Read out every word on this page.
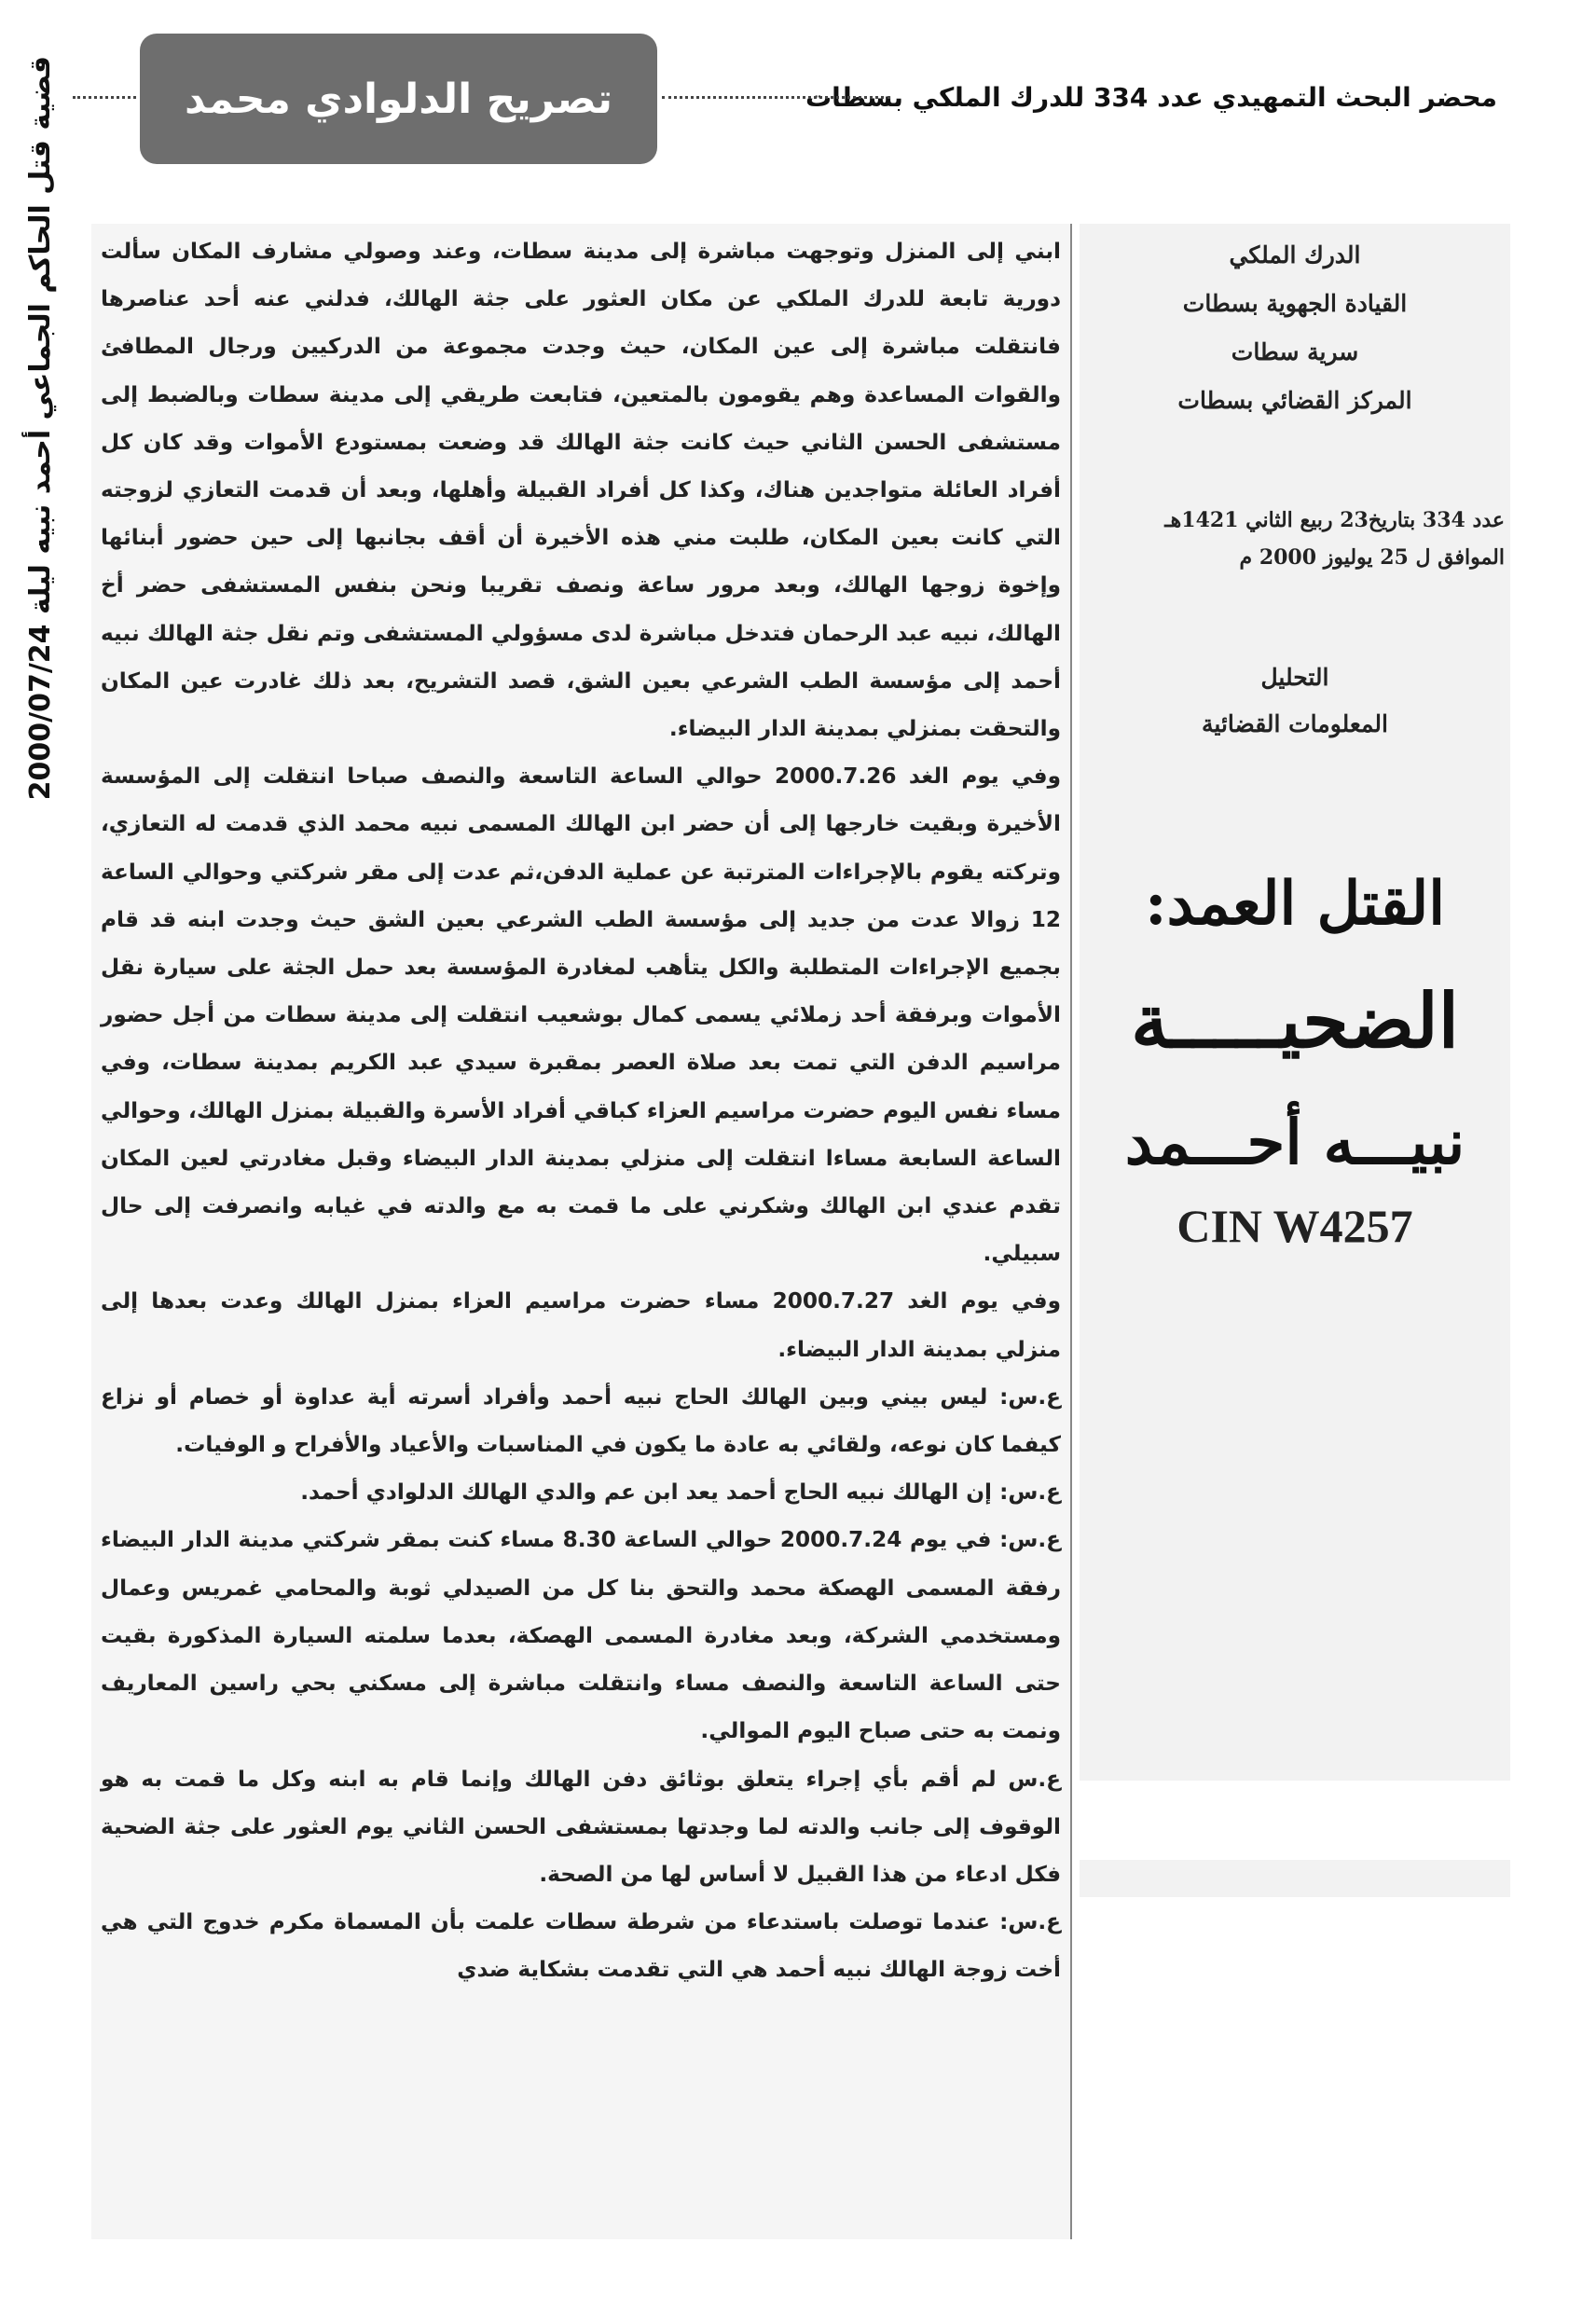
محضر البحث التمهيدي عدد 334 للدرك الملكي بسطات
تصريح الدلوادي محمد
قضية قتل الحاكم الجماعي أحمد نبيه ليلة 2000/07/24	الدرك الملكي
القيادة الجهوية بسطات
سرية سطات
المركز القضائي بسطات
عدد 334 بتاريخ23 ربيع الثاني 1421هـ
الموافق ل 25 يوليوز 2000 م
التحليل
المعلومات القضائية
القتل العمد:
الضحيـــــة
نبيـــه أحـــمد
CIN W4257

ابني إلى المنزل وتوجهت مباشرة إلى مدينة سطات، وعند وصولي مشارف المكان سألت دورية تابعة للدرك الملكي عن مكان العثور على جثة الهالك، فدلني عنه أحد عناصرها فانتقلت مباشرة إلى عين المكان، حيث وجدت مجموعة من الدركيين ورجال المطافئ والقوات المساعدة وهم يقومون بالمتعين، فتابعت طريقي إلى مدينة سطات وبالضبط إلى مستشفى الحسن الثاني حيث كانت جثة الهالك قد وضعت بمستودع الأموات وقد كان كل أفراد العائلة متواجدين هناك، وكذا كل أفراد القبيلة وأهلها، وبعد أن قدمت التعازي لزوجته التي كانت بعين المكان، طلبت مني هذه الأخيرة أن أقف بجانبها إلى حين حضور أبنائها وإخوة زوجها الهالك، وبعد مرور ساعة ونصف تقريبا ونحن بنفس المستشفى حضر أخ الهالك، نبيه عبد الرحمان فتدخل مباشرة لدى مسؤولي المستشفى وتم نقل جثة الهالك نبيه أحمد إلى مؤسسة الطب الشرعي بعين الشق، قصد التشريح، بعد ذلك غادرت عين المكان والتحقت بمنزلي بمدينة الدار البيضاء.

وفي يوم الغد 2000.7.26 حوالي الساعة التاسعة والنصف صباحا انتقلت إلى المؤسسة الأخيرة وبقيت خارجها إلى أن حضر ابن الهالك المسمى نبيه محمد الذي قدمت له التعازي، وتركته يقوم بالإجراءات المترتبة عن عملية الدفن،ثم عدت إلى مقر شركتي وحوالي الساعة 12 زوالا عدت من جديد إلى مؤسسة الطب الشرعي بعين الشق حيث وجدت ابنه قد قام بجميع الإجراءات المتطلبة والكل يتأهب لمغادرة المؤسسة بعد حمل الجثة على سيارة نقل الأموات وبرفقة أحد زملائي يسمى كمال بوشعيب انتقلت إلى مدينة سطات من أجل حضور مراسيم الدفن التي تمت بعد صلاة العصر بمقبرة سيدي عبد الكريم بمدينة سطات، وفي مساء نفس اليوم حضرت مراسيم العزاء كباقي أفراد الأسرة والقبيلة بمنزل الهالك، وحوالي الساعة السابعة مساءا انتقلت إلى منزلي بمدينة الدار البيضاء وقبل مغادرتي لعين المكان تقدم عندي ابن الهالك وشكرني على ما قمت به مع والدته في غيابه وانصرفت إلى حال سبيلي.

وفي يوم الغد 2000.7.27 مساء حضرت مراسيم العزاء بمنزل الهالك وعدت بعدها إلى منزلي بمدينة الدار البيضاء.

ع.س: ليس بيني وبين الهالك الحاج نبيه أحمد وأفراد أسرته أية عداوة أو خصام أو نزاع كيفما كان نوعه، ولقائي به عادة ما يكون في المناسبات والأعياد والأفراح و الوفيات.

ع.س: إن الهالك نبيه الحاج أحمد يعد ابن عم والدي الهالك الدلوادي أحمد.

ع.س: في يوم 2000.7.24 حوالي الساعة 8.30 مساء كنت بمقر شركتي مدينة الدار البيضاء رفقة المسمى الهصكة محمد والتحق بنا كل من الصيدلي ثوبة والمحامي غمريس وعمال ومستخدمي الشركة، وبعد مغادرة المسمى الهصكة، بعدما سلمته السيارة المذكورة بقيت حتى الساعة التاسعة والنصف مساء وانتقلت مباشرة إلى مسكني بحي راسين المعاريف ونمت به حتى صباح اليوم الموالي.

ع.س لم أقم بأي إجراء يتعلق بوثائق دفن الهالك وإنما قام به ابنه وكل ما قمت به هو الوقوف إلى جانب والدته لما وجدتها بمستشفى الحسن الثاني يوم العثور على جثة الضحية فكل ادعاء من هذا القبيل لا أساس لها من الصحة.

ع.س: عندما توصلت باستدعاء من شرطة سطات علمت بأن المسماة مكرم خدوج التي هي أخت زوجة الهالك نبيه أحمد هي التي تقدمت بشكاية ضدي
